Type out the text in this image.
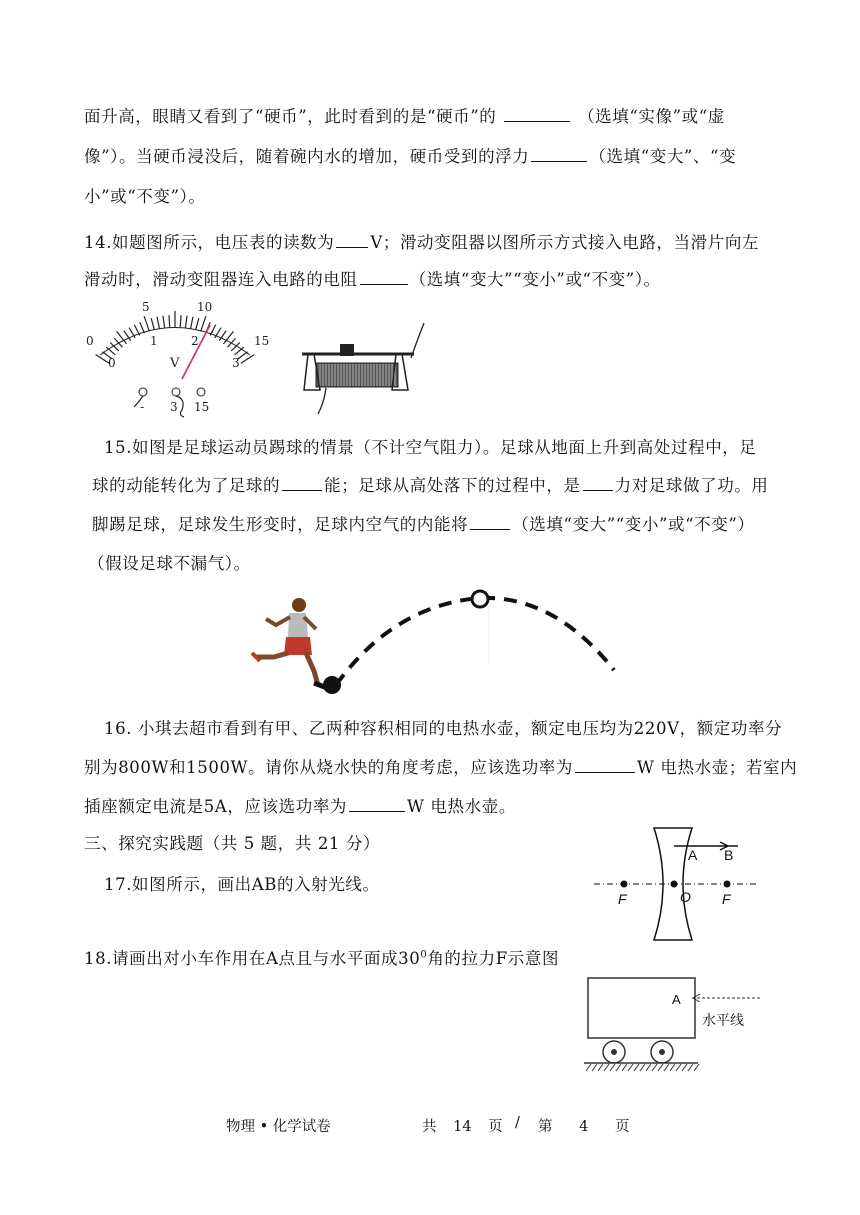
面升高，眼睛又看到了“硬币”，此时看到的是“硬币”的	（选填“实像”或“虚
像”）。当硬币浸没后，随着碗内水的增加，硬币受到的浮力	（选填“变大”、“变
小”或“不变”）。
14.如题图所示，电压表的读数为 V；滑动变阻器以图所示方式接入电路，当滑片向左
滑动时，滑动变阻器连入电路的电阻	（选填“变大”“变小”或“不变”）。
0
5	10
15
0
1	2
3
V
- 3 15
15.如图是足球运动员踢球的情景（不计空气阻力）。足球从地面上升到高处过程中，足
球的动能转化为了足球的	能；足球从高处落下的过程中，是 力对足球做了功。用
脚踢足球，足球发生形变时，足球内空气的内能将	（选填“变大”“变小”或“不变”）
（假设足球不漏气）。
16. 小琪去超市看到有甲、乙两种容积相同的电热水壶，额定电压均为220V，额定功率分
别为800W和1500W。请你从烧水快的角度考虑，应该选功率为	W 电热水壶；若室内
插座额定电流是5A，应该选功率为	W 电热水壶。
三、探究实践题（共 5 题，共 21 分）
17.如图所示，画出AB的入射光线。
A B
O
F	F
18.请画出对小车作用在A点且与水平面成$30^0$角的拉力F示意图
A
水平线
物理 • 化学试卷	共 14 页 / 第 4 页
